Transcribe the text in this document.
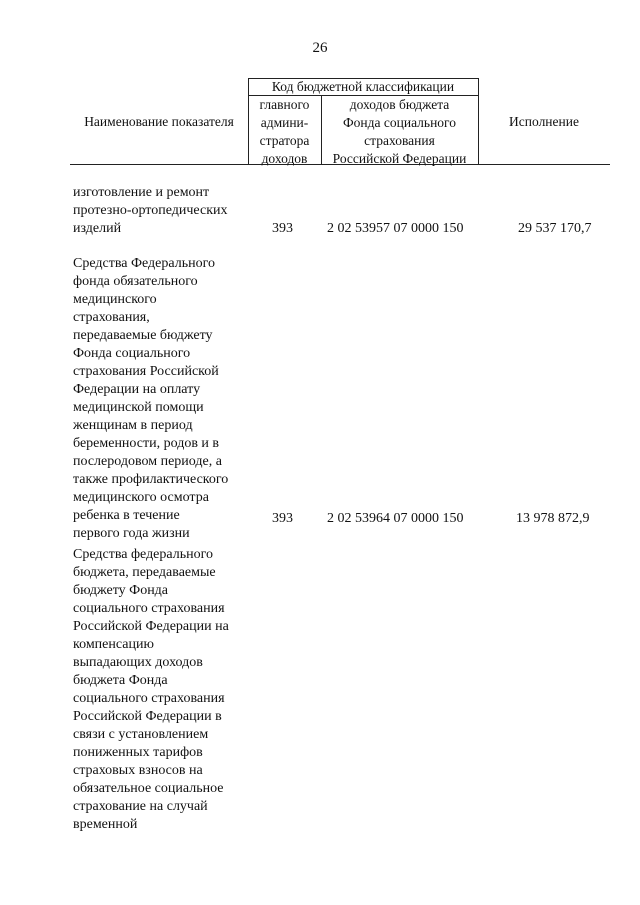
26
Наименование показателя
Код бюджетной классификации
главного
админи-
стратора
доходов
доходов бюджета
Фонда социального
страхования
Российской Федерации
Исполнение
изготовление и ремонт
протезно-ортопедических
изделий	393 2 02 53957 07 0000 150	29 537 170,7
Средства Федерального
фонда обязательного
медицинского
страхования,
передаваемые бюджету
Фонда социального
страхования Российской
Федерации на оплату
медицинской помощи
женщинам в период
беременности, родов и в
послеродовом периоде, а
также профилактического
медицинского осмотра
ребенка в течение
первого года жизни
393 2 02 53964 07 0000 150	13 978 872,9
Средства федерального
бюджета, передаваемые
бюджету Фонда
социального страхования
Российской Федерации на
компенсацию
выпадающих доходов
бюджета Фонда
социального страхования
Российской Федерации в
связи с установлением
пониженных тарифов
страховых взносов на
обязательное социальное
страхование на случай
временной
